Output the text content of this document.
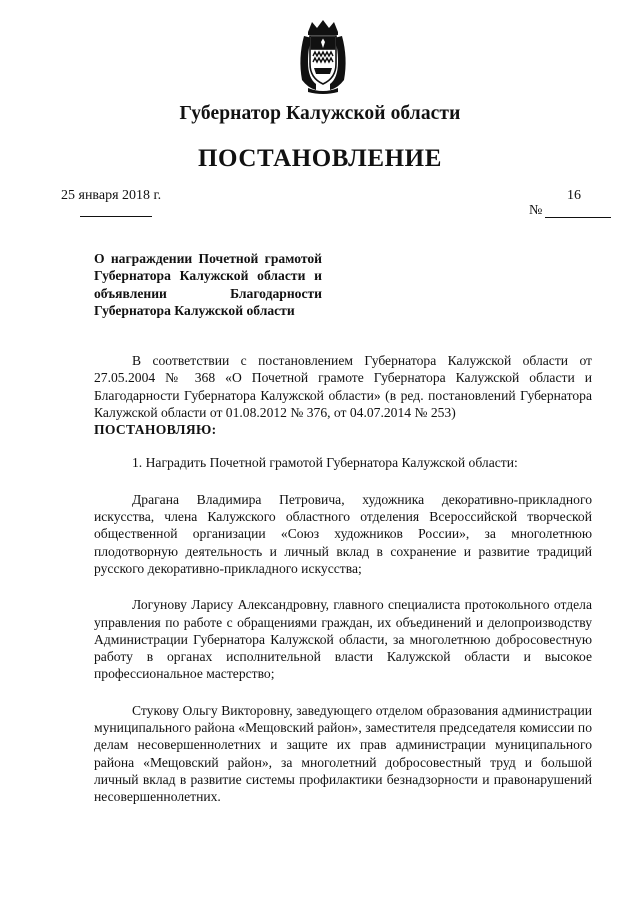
Губернатор Калужской области
ПОСТАНОВЛЕНИЕ
25 января 2018 г.	16
№
О награждении Почетной грамотой Губернатора Калужской области и объявлении Благодарности Губернатора Калужской области

В соответствии с постановлением Губернатора Калужской области от 27.05.2004 № 368 «О Почетной грамоте Губернатора Калужской области и Благодарности Губернатора Калужской области» (в ред. постановлений Губернатора Калужской области от 01.08.2012 № 376, от 04.07.2014 № 253)

ПОСТАНОВЛЯЮ:

1. Наградить Почетной грамотой Губернатора Калужской области:

Драгана Владимира Петровича, художника декоративно-прикладного искусства, члена Калужского областного отделения Всероссийской творческой общественной организации «Союз художников России», за многолетнюю плодотворную деятельность и личный вклад в сохранение и развитие традиций русского декоративно-прикладного искусства;

Логунову Ларису Александровну, главного специалиста протокольного отдела управления по работе с обращениями граждан, их объединений и делопроизводству Администрации Губернатора Калужской области, за многолетнюю добросовестную работу в органах исполнительной власти Калужской области и высокое профессиональное мастерство;

Стукову Ольгу Викторовну, заведующего отделом образования администрации муниципального района «Мещовский район», заместителя председателя комиссии по делам несовершеннолетних и защите их прав администрации муниципального района «Мещовский район», за многолетний добросовестный труд и большой личный вклад в развитие системы профилактики безнадзорности и правонарушений несовершеннолетних.
